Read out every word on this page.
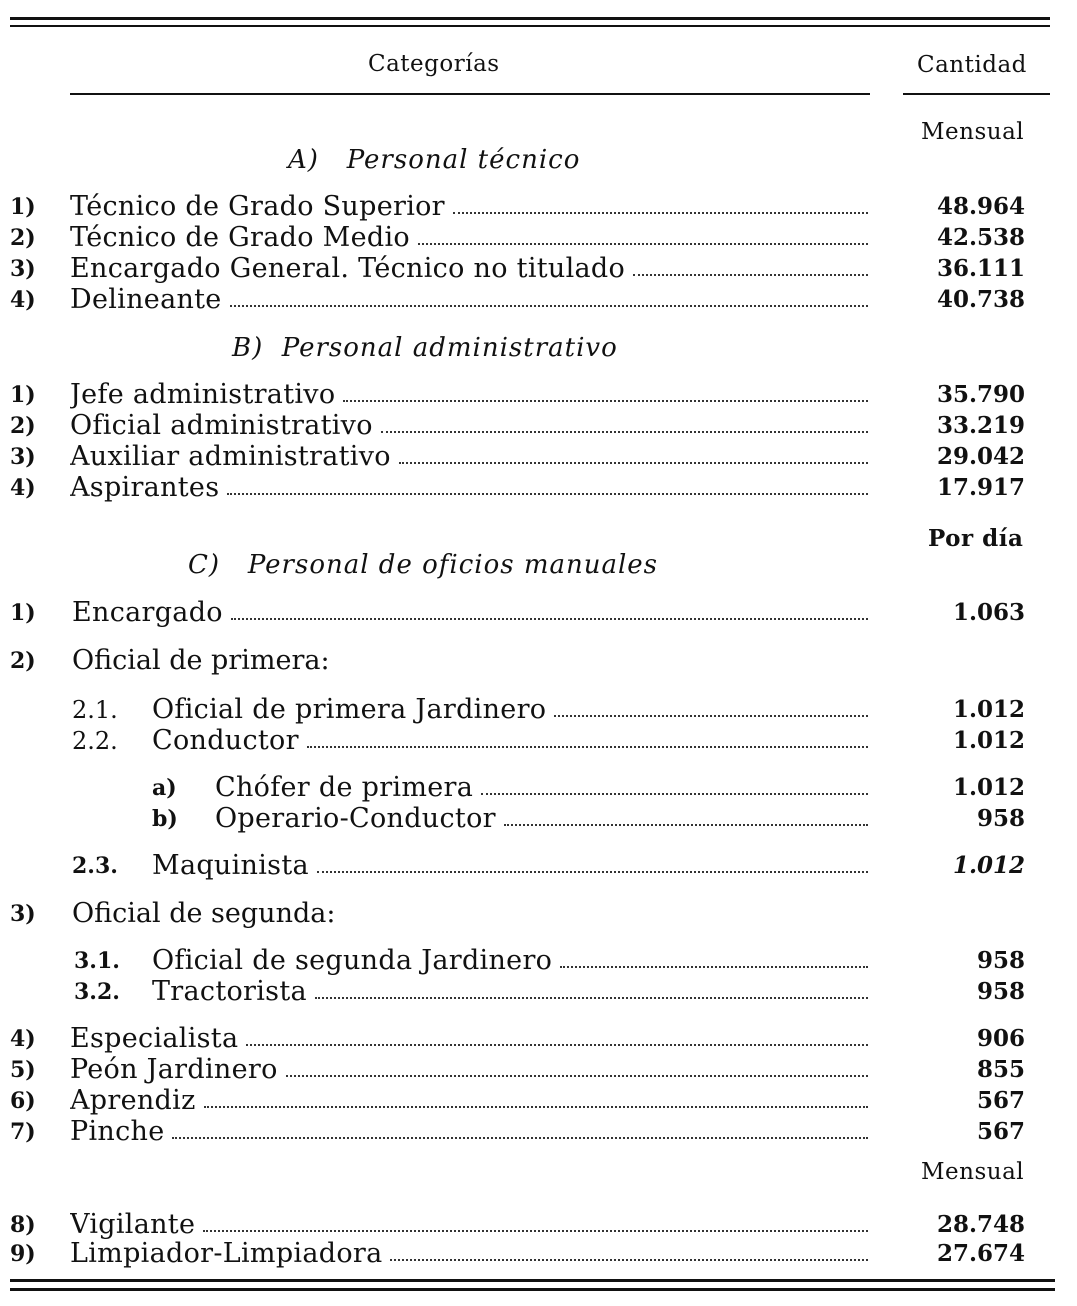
Categorías	Cantidad
Mensual
A) Personal técnico
1) Técnico de Grado Superior	48.964
2) Técnico de Grado Medio	42.538
3) Encargado General. Técnico no titulado	36.111
4) Delineante	40.738
B) Personal administrativo
1) Jefe administrativo	35.790
2) Oficial administrativo	33.219
3) Auxiliar administrativo	29.042
4) Aspirantes	17.917
Por día
C) Personal de oficios manuales
1) Encargado	1.063
2) Oficial de primera:
2.1. Oficial de primera Jardinero	1.012
2.2. Conductor	1.012
a) Chófer de primera	1.012
b) Operario-Conductor	958
2.3. Maquinista	1.012
3) Oficial de segunda:
3.1. Oficial de segunda Jardinero	958
3.2. Tractorista	958
4) Especialista	906
5) Peón Jardinero	855
6) Aprendiz	567
7) Pinche	567
Mensual
8) Vigilante	28.748
9) Limpiador-Limpiadora	27.674
